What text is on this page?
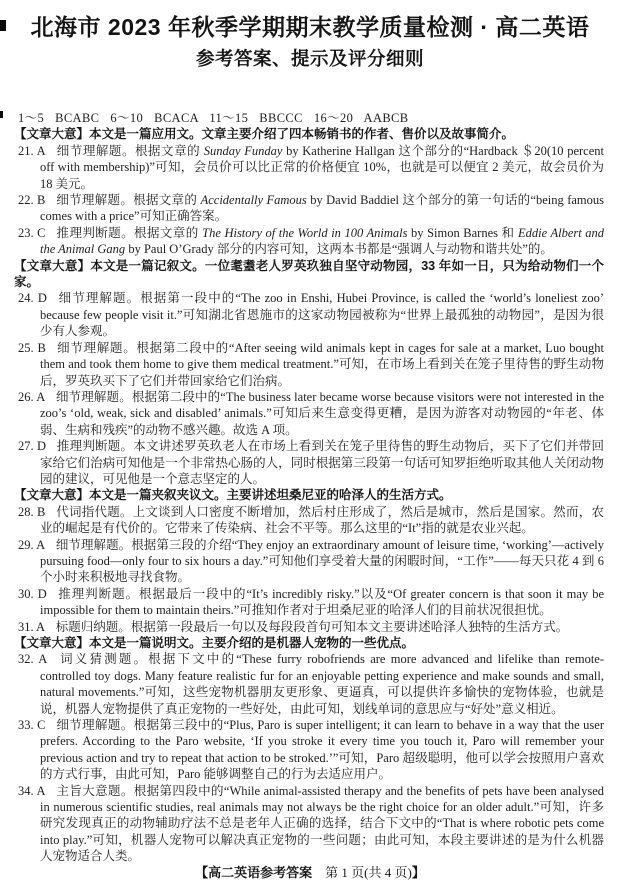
北海市 2023 年秋季学期期末教学质量检测 · 高二英语
参考答案、提示及评分细则

1～5 BCABC 6～10 BCACA 11～15 BBCCC 16～20 AABCB

【文章大意】本文是一篇应用文。文章主要介绍了四本畅销书的作者、售价以及故事简介。

21. A 细节理解题。根据文章的 Sunday Funday by Katherine Hallgan 这个部分的“Hardback ＄20(10 percent off with membership)”可知，会员价可以比正常的价格便宜 10%，也就是可以便宜 2 美元，故会员价为 18 美元。

22. B 细节理解题。根据文章的 Accidentally Famous by David Baddiel 这个部分的第一句话的“being famous comes with a price”可知正确答案。

23. C 推理判断题。根据文章的 The History of the World in 100 Animals by Simon Barnes 和 Eddie Albert and the Animal Gang by Paul O’Grady 部分的内容可知，这两本书都是“强调人与动物和谐共处”的。

【文章大意】本文是一篇记叙文。一位耄耋老人罗英玖独自坚守动物园，33 年如一日，只为给动物们一个家。

24. D 细节理解题。根据第一段中的“The zoo in Enshi, Hubei Province, is called the ‘world’s loneliest zoo’ because few people visit it.”可知湖北省恩施市的这家动物园被称为“世界上最孤独的动物园”，是因为很少有人参观。

25. B 细节理解题。根据第二段中的“After seeing wild animals kept in cages for sale at a market, Luo bought them and took them home to give them medical treatment.”可知，在市场上看到关在笼子里待售的野生动物后，罗英玖买下了它们并带回家给它们治病。

26. A 细节理解题。根据第二段中的“The business later became worse because visitors were not interested in the zoo’s ‘old, weak, sick and disabled’ animals.”可知后来生意变得更糟，是因为游客对动物园的“年老、体弱、生病和残疾”的动物不感兴趣。故选 A 项。

27. D 推理判断题。本文讲述罗英玖老人在市场上看到关在笼子里待售的野生动物后，买下了它们并带回家给它们治病可知他是一个非常热心肠的人，同时根据第三段第一句话可知罗拒绝听取其他人关闭动物园的建议，可见他是一个意志坚定的人。

【文章大意】本文是一篇夹叙夹议文。主要讲述坦桑尼亚的哈泽人的生活方式。

28. B 代词指代题。上文谈到人口密度不断增加，然后村庄形成了，然后是城市，然后是国家。然而，农业的崛起是有代价的。它带来了传染病、社会不平等。那么这里的“It”指的就是农业兴起。

29. A 细节理解题。根据第三段的介绍“They enjoy an extraordinary amount of leisure time, ‘working’—actively pursuing food—only four to six hours a day.”可知他们享受着大量的闲暇时间，“工作”——每天只花 4 到 6 个小时来积极地寻找食物。

30. D 推理判断题。根据最后一段中的“It’s incredibly risky.”以及“Of greater concern is that soon it may be impossible for them to maintain theirs.”可推知作者对于坦桑尼亚的哈泽人们的目前状况很担忧。

31. A 标题归纳题。根据第一段最后一句以及每段段首句可知本文主要讲述哈泽人独特的生活方式。

【文章大意】本文是一篇说明文。主要介绍的是机器人宠物的一些优点。

32. A 词义猜测题。根据下文中的“These furry robofriends are more advanced and lifelike than remote-controlled toy dogs. Many feature realistic fur for an enjoyable petting experience and make sounds and small, natural movements.”可知，这些宠物机器朋友更形象、更逼真，可以提供许多愉快的宠物体验，也就是说，机器人宠物提供了真正宠物的一些好处，由此可知，划线单词的意思应与“好处”意义相近。

33. C 细节理解题。根据第三段中的“Plus, Paro is super intelligent; it can learn to behave in a way that the user prefers. According to the Paro website, ‘If you stroke it every time you touch it, Paro will remember your previous action and try to repeat that action to be stroked.’”可知，Paro 超级聪明，他可以学会按照用户喜欢的方式行事，由此可知，Paro 能够调整自己的行为去适应用户。

34. A 主旨大意题。根据第四段中的“While animal-assisted therapy and the benefits of pets have been analysed in numerous scientific studies, real animals may not always be the right choice for an older adult.”可知，许多研究发现真正的动物辅助疗法不总是老年人正确的选择，结合下文中的“That is where robotic pets come into play.”可知，机器人宠物可以解决真正宠物的一些问题；由此可知，本段主要讲述的是为什么机器人宠物适合人类。

【高二英语参考答案　第 1 页(共 4 页)】
